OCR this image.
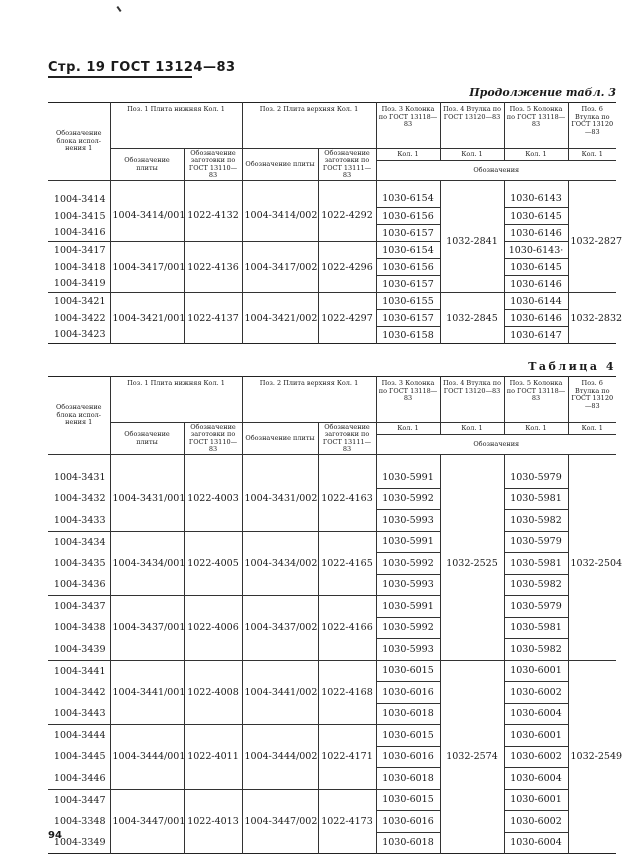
Стр. 19 ГОСТ 13124—83
Продолжение табл. 3
Таблица 4
Обозначение блока испол-нения 1	Поз. 1 Плита нижняя Кол. 1		Поз. 2 Плита верхняя Кол. 1		Поз. 3 Колонка по ГОСТ 13118—83	Поз. 4 Втулка по ГОСТ 13120—83	Поз. 5 Колонка по ГОСТ 13118—83	Поз. 6 Втулка по ГОСТ 13120—83
	Обозначение плиты	Обозначение заготовки по ГОСТ 13110—83	Обозначение плиты	Обозначение заготовки по ГОСТ 13111—83	Кол. 1	Кол. 1	Кол. 1	Кол. 1
					Обозначения			

1004-3414	1004-3414/001	1022-4132	1004-3414/002	1022-4292	1030-6154	1032-2841	1030-6143	1032-2827
1004-3415					1030-6156		1030-6145	
1004-3416					1030-6157		1030-6146	
1004-3417	1004-3417/001	1022-4136	1004-3417/002	1022-4296	1030-6154		1030-6143·	
1004-3418					1030-6156		1030-6145	
1004-3419					1030-6157		1030-6146	
1004-3421	1004-3421/001	1022-4137	1004-3421/002	1022-4297	1030-6155	1032-2845	1030-6144	1032-2832
1004-3422					1030-6157		1030-6146	
1004-3423					1030-6158		1030-6147	
Обозначение блока испол-нения 1	Поз. 1 Плита нижняя Кол. 1		Поз. 2 Плита верхняя Кол. 1		Поз. 3 Колонка по ГОСТ 13118—83	Поз. 4 Втулка по ГОСТ 13120—83	Поз. 5 Колонка по ГОСТ 13118—83	Поз. 6 Втулка по ГОСТ 13120—83
	Обозначение плиты	Обозначение заготовки по ГОСТ 13110—83	Обозначение плиты	Обозначение заготовки по ГОСТ 13111—83	Кол. 1	Кол. 1	Кол. 1	Кол. 1
					Обозначения			

1004-3431	1004-3431/001	1022-4003	1004-3431/002	1022-4163	1030-5991	1032-2525	1030-5979	1032-2504
1004-3432					1030-5992		1030-5981	
1004-3433					1030-5993		1030-5982	
1004-3434	1004-3434/001	1022-4005	1004-3434/002	1022-4165	1030-5991		1030-5979	
1004-3435					1030-5992		1030-5981	
1004-3436					1030-5993		1030-5982	
1004-3437	1004-3437/001	1022-4006	1004-3437/002	1022-4166	1030-5991		1030-5979	
1004-3438					1030-5992		1030-5981	
1004-3439					1030-5993		1030-5982	
1004-3441	1004-3441/001	1022-4008	1004-3441/002	1022-4168	1030-6015	1032-2574	1030-6001	1032-2549
1004-3442					1030-6016		1030-6002	
1004-3443					1030-6018		1030-6004	
1004-3444	1004-3444/001	1022-4011	1004-3444/002	1022-4171	1030-6015		1030-6001	
1004-3445					1030-6016		1030-6002	
1004-3446					1030-6018		1030-6004	
1004-3447	1004-3447/001	1022-4013	1004-3447/002	1022-4173	1030-6015		1030-6001	
1004-3348					1030-6016		1030-6002	
1004-3349					1030-6018		1030-6004	
94
